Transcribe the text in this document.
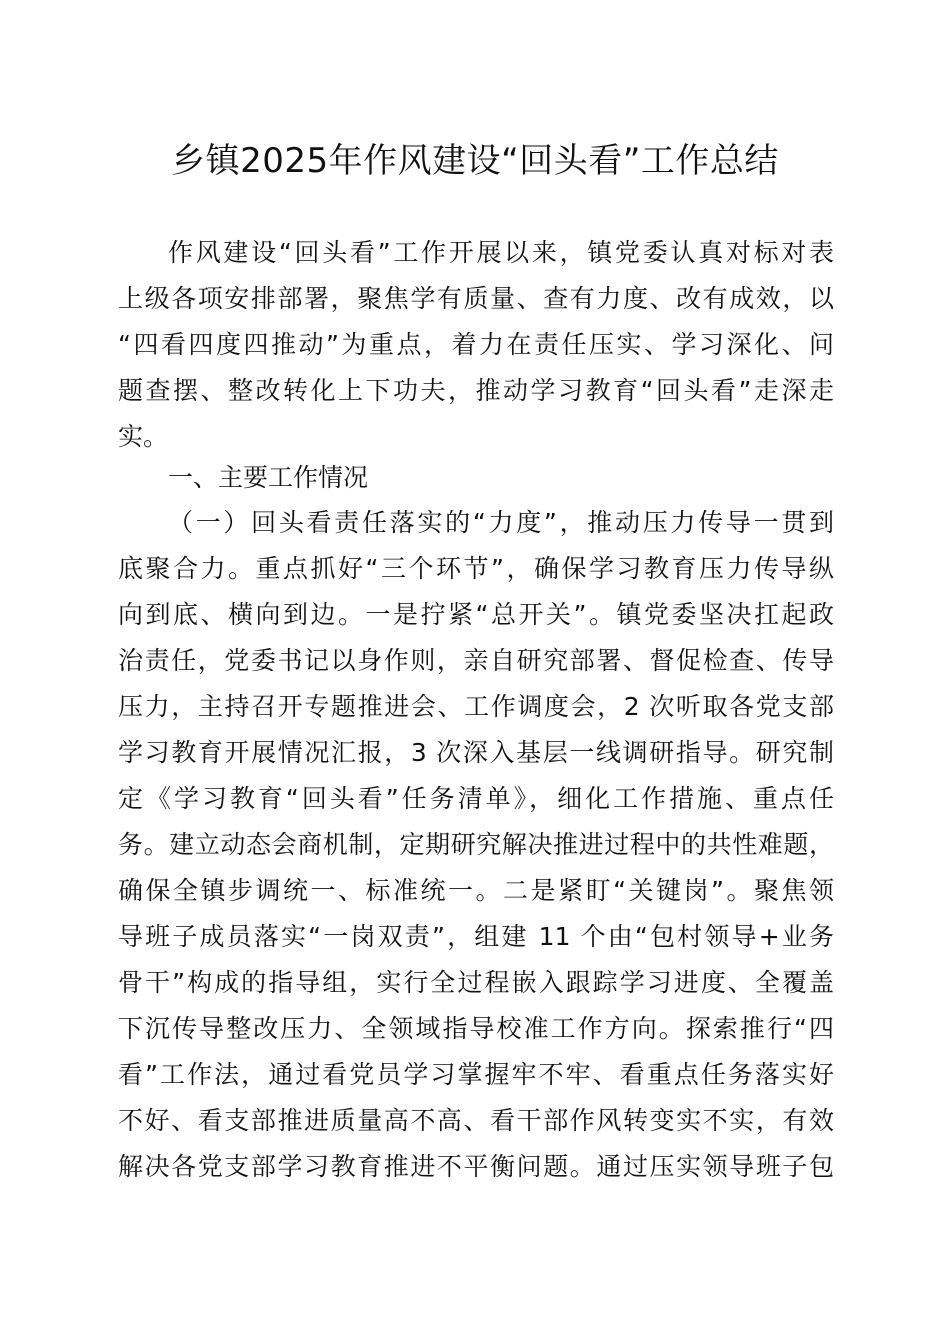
乡镇2025年作风建设“回头看”工作总结
作风建设“回头看”工作开展以来，镇党委认真对标对表
上级各项安排部署，聚焦学有质量、查有力度、改有成效，以
“四看四度四推动”为重点，着力在责任压实、学习深化、问
题查摆、整改转化上下功夫，推动学习教育“回头看”走深走
实。
一、主要工作情况
（一）回头看责任落实的“力度”，推动压力传导一贯到
底聚合力。重点抓好“三个环节”，确保学习教育压力传导纵
向到底、横向到边。一是拧紧“总开关”。镇党委坚决扛起政
治责任，党委书记以身作则，亲自研究部署、督促检查、传导
压力，主持召开专题推进会、工作调度会，2 次听取各党支部
学习教育开展情况汇报，3 次深入基层一线调研指导。研究制
定《学习教育“回头看”任务清单》，细化工作措施、重点任
务。建立动态会商机制，定期研究解决推进过程中的共性难题，
确保全镇步调统一、标准统一。二是紧盯“关键岗”。聚焦领
导班子成员落实“一岗双责”，组建 11 个由“包村领导+业务
骨干”构成的指导组，实行全过程嵌入跟踪学习进度、全覆盖
下沉传导整改压力、全领域指导校准工作方向。探索推行“四
看”工作法，通过看党员学习掌握牢不牢、看重点任务落实好
不好、看支部推进质量高不高、看干部作风转变实不实，有效
解决各党支部学习教育推进不平衡问题。通过压实领导班子包
